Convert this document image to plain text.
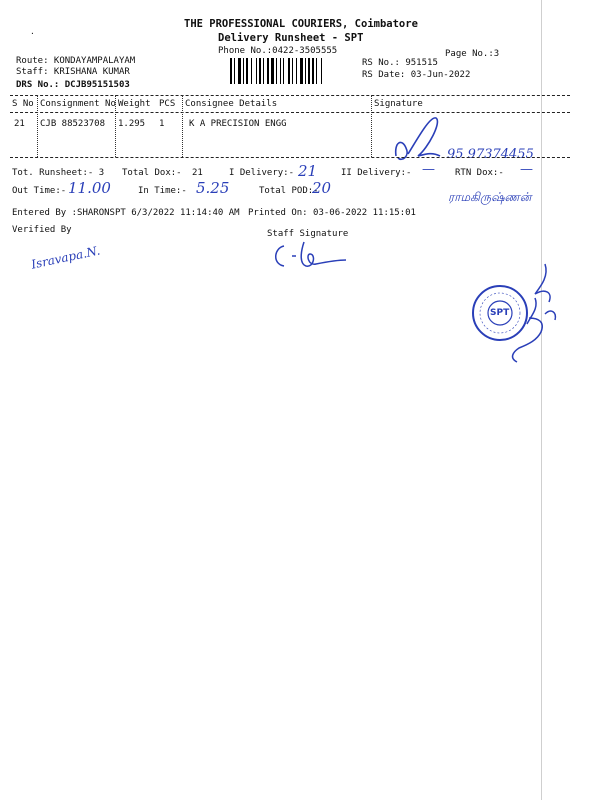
.
THE PROFESSIONAL COURIERS, Coimbatore
Delivery Runsheet - SPT
Phone No.:0422-3505555	Page No.:3
Route: KONDAYAMPALAYAM
Staff: KRISHANA KUMAR
DRS No.: DCJB95151503
RS No.: 951515
RS Date: 03-Jun-2022
S No Consignment No Weight PCS Consignee Details	Signature
21 CJB 88523708 1.295 1	K A PRECISION ENGG
95 97374455
Tot. Runsheet:- 3 Total Dox:- 21	I Delivery:- 21	II Delivery:- — RTN Dox:- —
Out Time:- 11.00	In Time:- 5.25	Total POD:-
20	ராமகிருஷ்ணன்
Entered By :SHARONSPT 6/3/2022 11:14:40 AM Printed On: 03-06-2022 11:15:01
Verified By	Staff Signature
Isravapa.N.
SPT
